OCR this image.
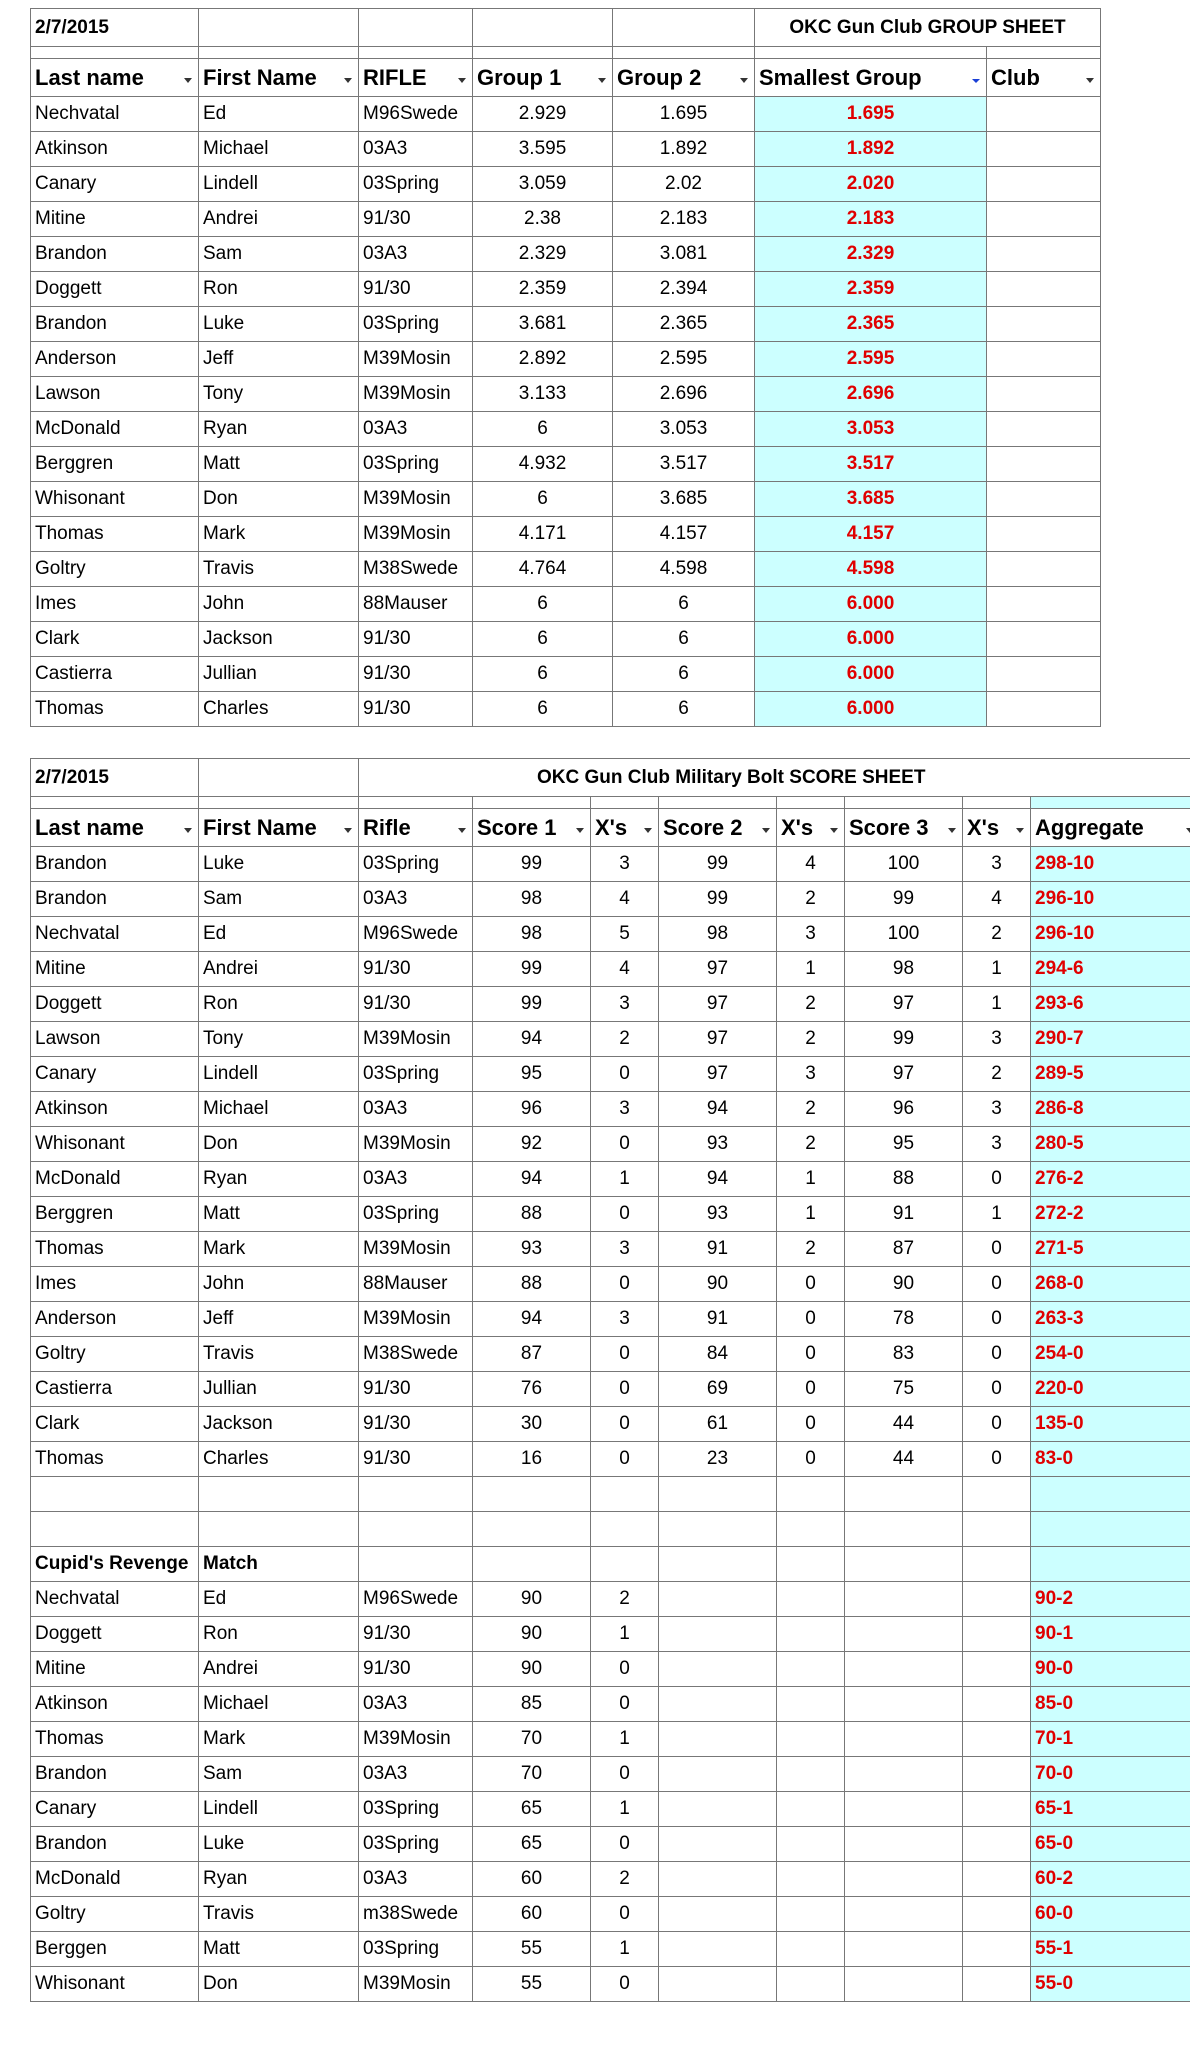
2/7/2015					OKC Gun Club GROUP SHEET	

Last name	First Name	RIFLE	Group 1	Group 2	Smallest Group	Club

Nechvatal	Ed	M96Swede	2.929	1.695	1.695	
Atkinson	Michael	03A3	3.595	1.892	1.892	
Canary	Lindell	03Spring	3.059	2.02	2.020	
Mitine	Andrei	91/30	2.38	2.183	2.183	
Brandon	Sam	03A3	2.329	3.081	2.329	
Doggett	Ron	91/30	2.359	2.394	2.359	
Brandon	Luke	03Spring	3.681	2.365	2.365	
Anderson	Jeff	M39Mosin	2.892	2.595	2.595	
Lawson	Tony	M39Mosin	3.133	2.696	2.696	
McDonald	Ryan	03A3	6	3.053	3.053	
Berggren	Matt	03Spring	4.932	3.517	3.517	
Whisonant	Don	M39Mosin	6	3.685	3.685	
Thomas	Mark	M39Mosin	4.171	4.157	4.157	
Goltry	Travis	M38Swede	4.764	4.598	4.598	
Imes	John	88Mauser	6	6	6.000	
Clark	Jackson	91/30	6	6	6.000	
Castierra	Jullian	91/30	6	6	6.000	
Thomas	Charles	91/30	6	6	6.000	
2/7/2015		OKC Gun Club Military Bolt SCORE SHEET							

Last name	First Name	Rifle	Score 1	X's	Score 2	X's	Score 3	X's	Aggregate

Brandon	Luke	03Spring	99	3	99	4	100	3	298-10
Brandon	Sam	03A3	98	4	99	2	99	4	296-10
Nechvatal	Ed	M96Swede	98	5	98	3	100	2	296-10
Mitine	Andrei	91/30	99	4	97	1	98	1	294-6
Doggett	Ron	91/30	99	3	97	2	97	1	293-6
Lawson	Tony	M39Mosin	94	2	97	2	99	3	290-7
Canary	Lindell	03Spring	95	0	97	3	97	2	289-5
Atkinson	Michael	03A3	96	3	94	2	96	3	286-8
Whisonant	Don	M39Mosin	92	0	93	2	95	3	280-5
McDonald	Ryan	03A3	94	1	94	1	88	0	276-2
Berggren	Matt	03Spring	88	0	93	1	91	1	272-2
Thomas	Mark	M39Mosin	93	3	91	2	87	0	271-5
Imes	John	88Mauser	88	0	90	0	90	0	268-0
Anderson	Jeff	M39Mosin	94	3	91	0	78	0	263-3
Goltry	Travis	M38Swede	87	0	84	0	83	0	254-0
Castierra	Jullian	91/30	76	0	69	0	75	0	220-0
Clark	Jackson	91/30	30	0	61	0	44	0	135-0
Thomas	Charles	91/30	16	0	23	0	44	0	83-0

Cupid's Revenge	Match								
Nechvatal	Ed	M96Swede	90	2					90-2
Doggett	Ron	91/30	90	1					90-1
Mitine	Andrei	91/30	90	0					90-0
Atkinson	Michael	03A3	85	0					85-0
Thomas	Mark	M39Mosin	70	1					70-1
Brandon	Sam	03A3	70	0					70-0
Canary	Lindell	03Spring	65	1					65-1
Brandon	Luke	03Spring	65	0					65-0
McDonald	Ryan	03A3	60	2					60-2
Goltry	Travis	m38Swede	60	0					60-0
Berggen	Matt	03Spring	55	1					55-1
Whisonant	Don	M39Mosin	55	0					55-0
